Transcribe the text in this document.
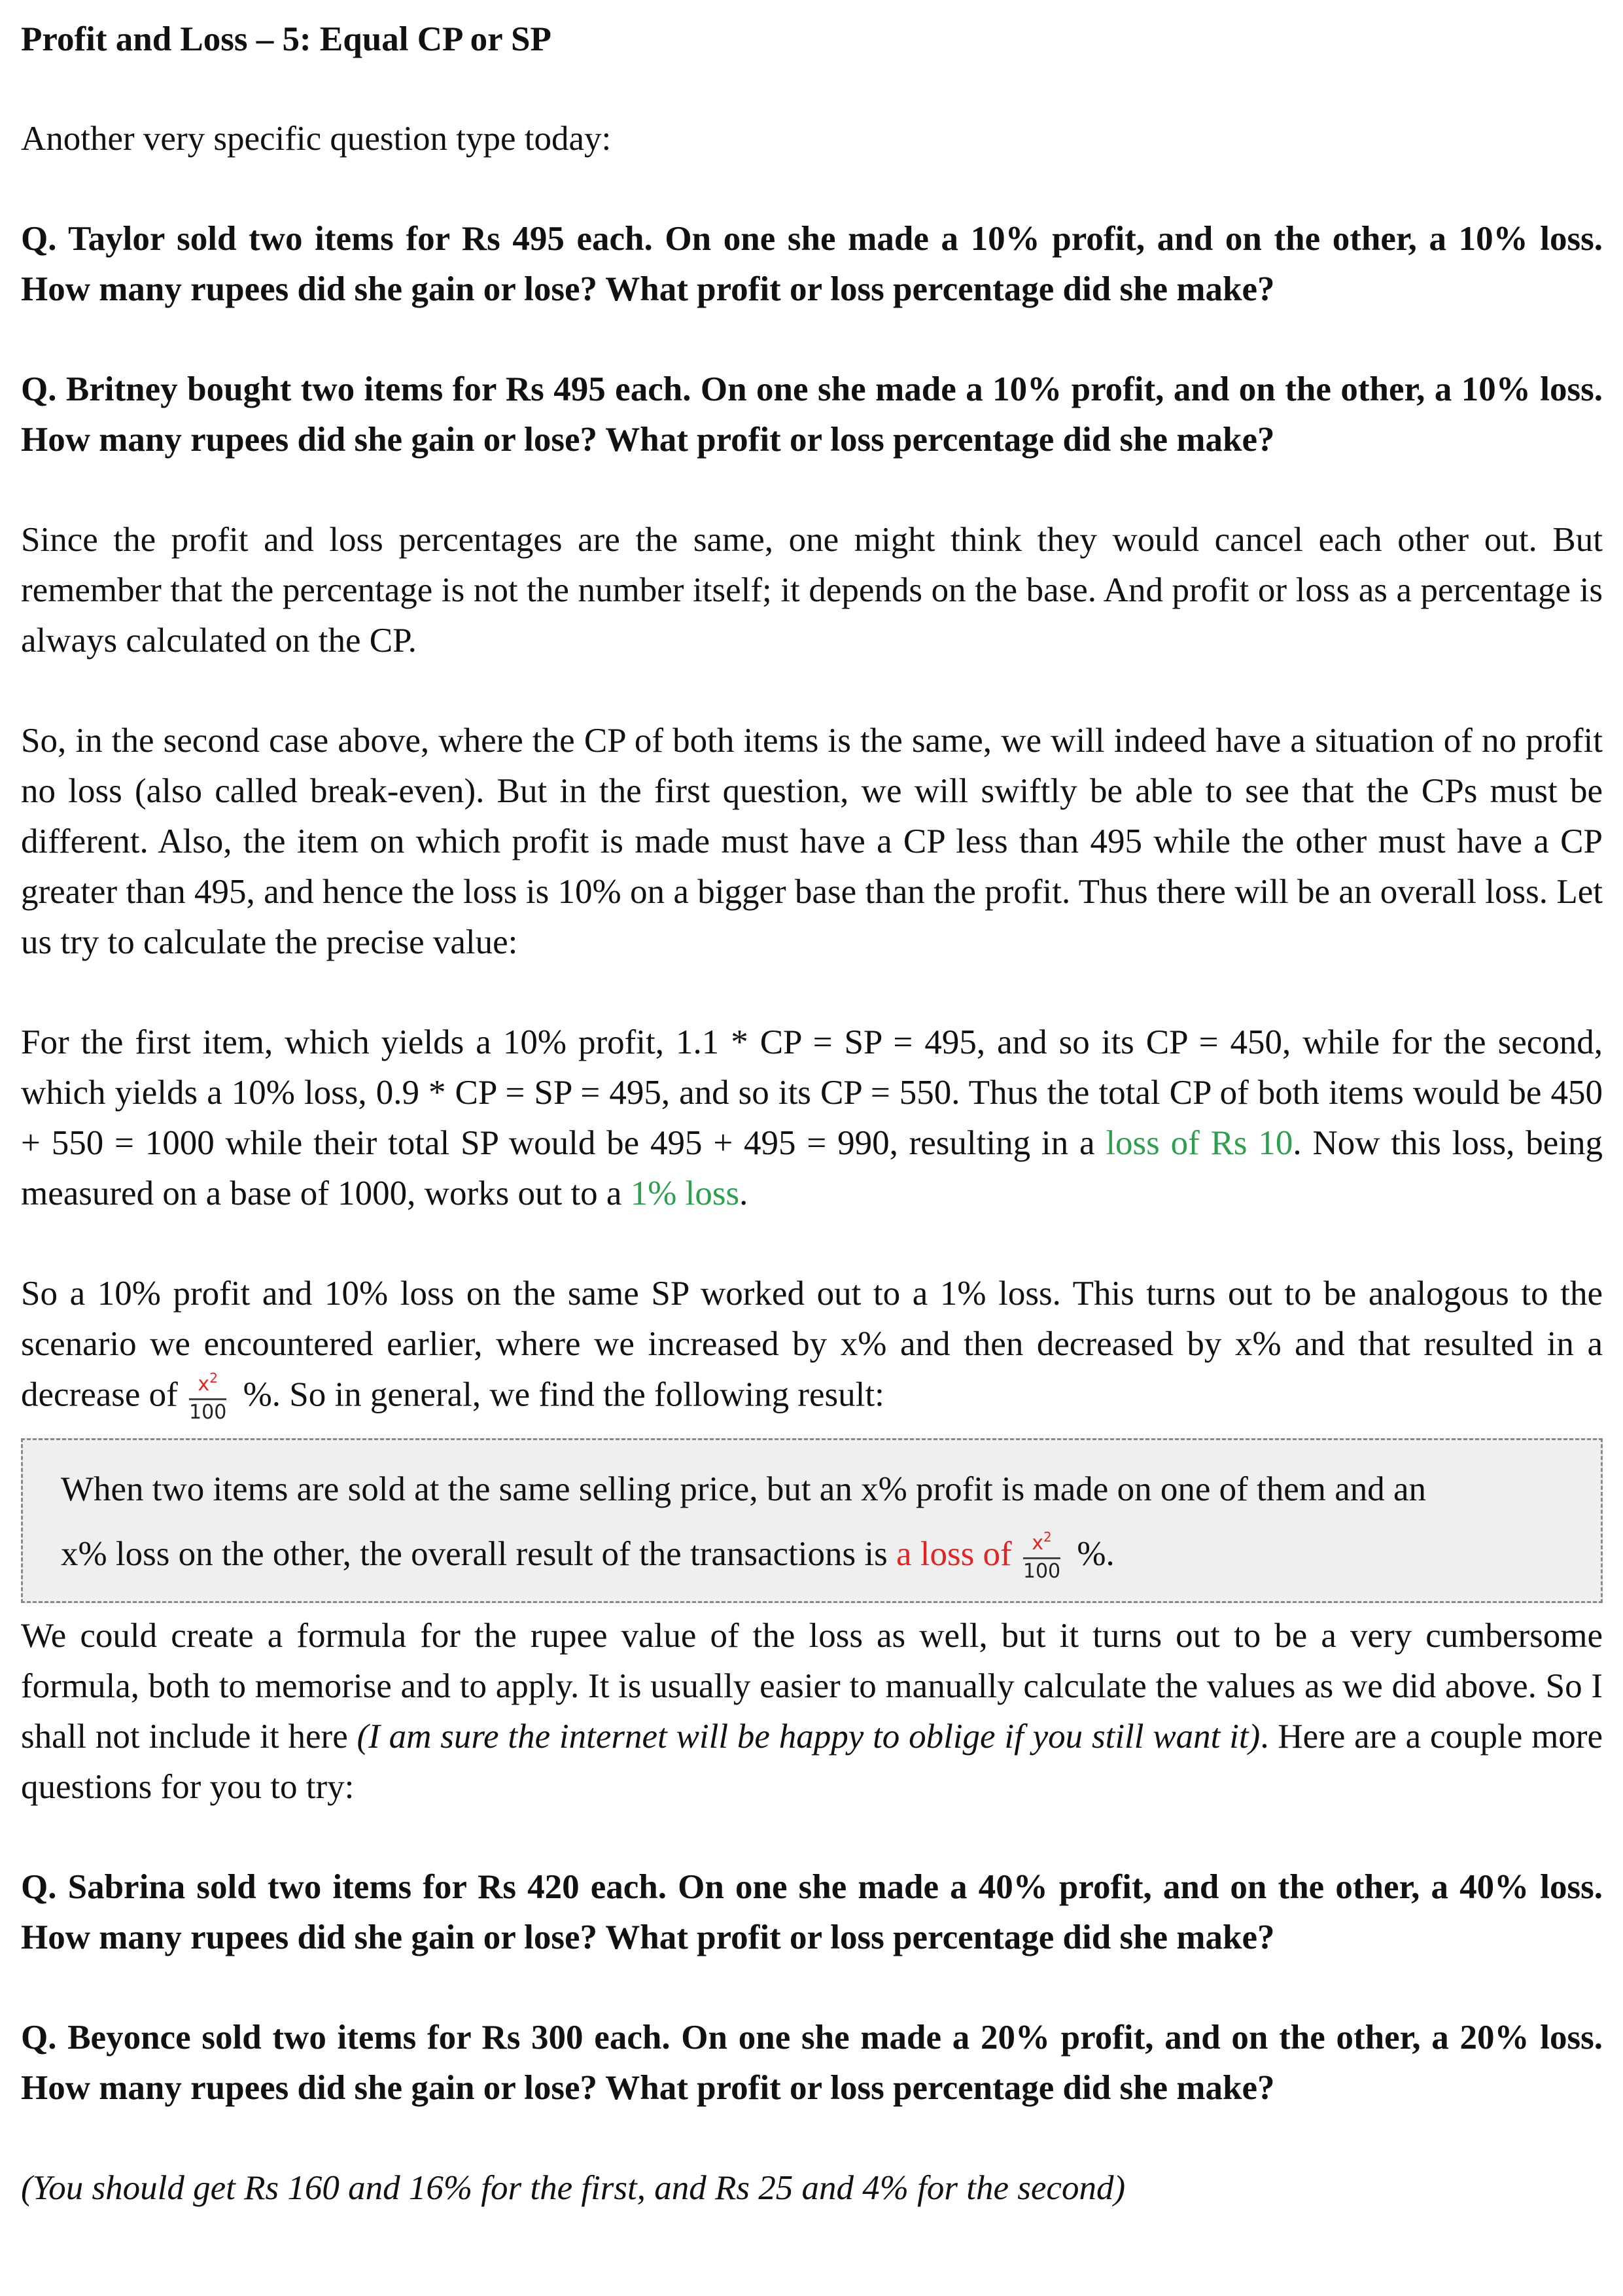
Profit and Loss – 5: Equal CP or SP

Another very specific question type today:

Q. Taylor sold two items for Rs 495 each. On one she made a 10% profit, and on the other, a 10% loss. How many rupees did she gain or lose? What profit or loss percentage did she make?

Q. Britney bought two items for Rs 495 each. On one she made a 10% profit, and on the other, a 10% loss. How many rupees did she gain or lose? What profit or loss percentage did she make?

Since the profit and loss percentages are the same, one might think they would cancel each other out. But remember that the percentage is not the number itself; it depends on the base. And profit or loss as a percentage is always calculated on the CP.

So, in the second case above, where the CP of both items is the same, we will indeed have a situation of no profit no loss (also called break-even). But in the first question, we will swiftly be able to see that the CPs must be different. Also, the item on which profit is made must have a CP less than 495 while the other must have a CP greater than 495, and hence the loss is 10% on a bigger base than the profit. Thus there will be an overall loss. Let us try to calculate the precise value:

For the first item, which yields a 10% profit, 1.1 * CP = SP = 495, and so its CP = 450, while for the second, which yields a 10% loss, 0.9 * CP = SP = 495, and so its CP = 550. Thus the total CP of both items would be 450 + 550 = 1000 while their total SP would be 495 + 495 = 990, resulting in a loss of Rs 10. Now this loss, being measured on a base of 1000, works out to a 1% loss.

So a 10% profit and 10% loss on the same SP worked out to a 1% loss. This turns out to be analogous to the scenario we encountered earlier, where we increased by x% and then decreased by x% and that resulted in a decrease of $\frac{x^2}{100}$ %. So in general, we find the following result:

When two items are sold at the same selling price, but an x% profit is made on one of them and an
x% loss on the other, the overall result of the transactions is a loss of $\frac{x^2}{100}$ %.

We could create a formula for the rupee value of the loss as well, but it turns out to be a very cumbersome formula, both to memorise and to apply. It is usually easier to manually calculate the values as we did above. So I shall not include it here (I am sure the internet will be happy to oblige if you still want it). Here are a couple more questions for you to try:

Q. Sabrina sold two items for Rs 420 each. On one she made a 40% profit, and on the other, a 40% loss. How many rupees did she gain or lose? What profit or loss percentage did she make?

Q. Beyonce sold two items for Rs 300 each. On one she made a 20% profit, and on the other, a 20% loss. How many rupees did she gain or lose? What profit or loss percentage did she make?

(You should get Rs 160 and 16% for the first, and Rs 25 and 4% for the second)
